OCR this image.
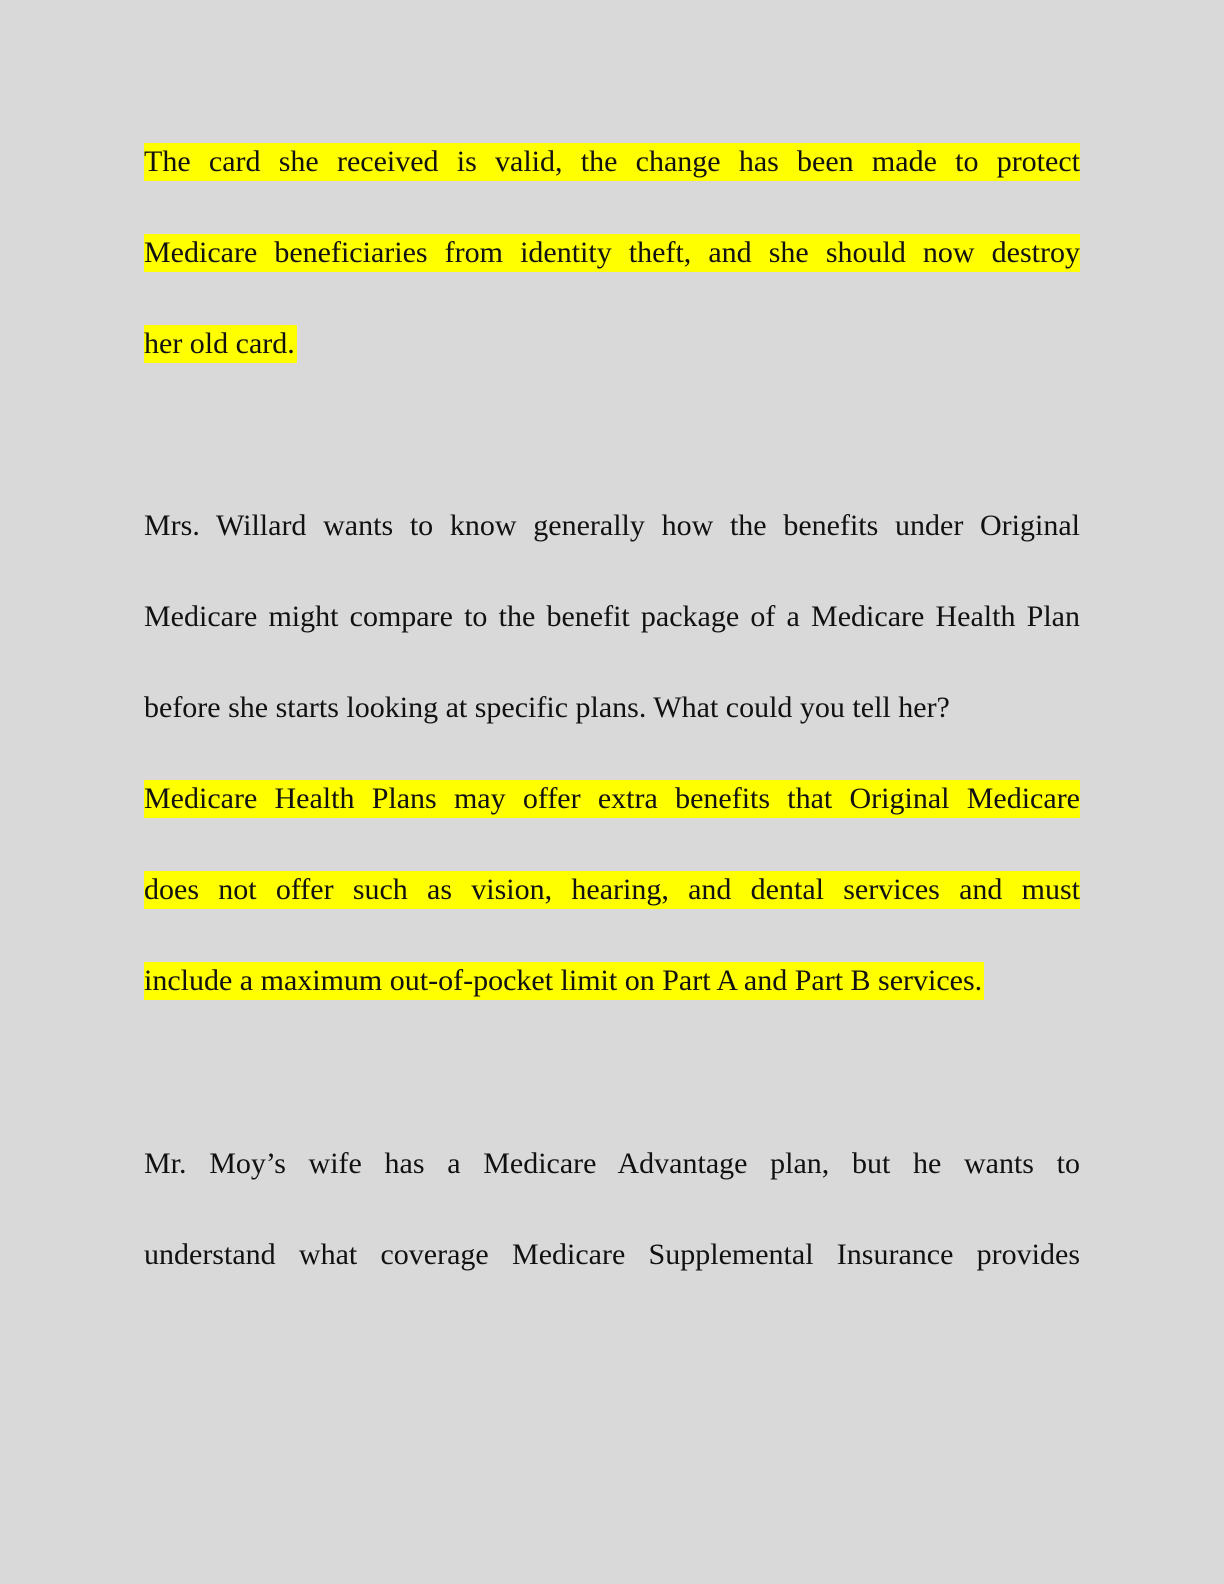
The card she received is valid, the change has been made to protect
Medicare beneficiaries from identity theft, and she should now destroy
her old card.
Mrs. Willard wants to know generally how the benefits under Original
Medicare might compare to the benefit package of a Medicare Health Plan
before she starts looking at specific plans. What could you tell her?
Medicare Health Plans may offer extra benefits that Original Medicare
does not offer such as vision, hearing, and dental services and must
include a maximum out-of-pocket limit on Part A and Part B services.
Mr. Moy’s wife has a Medicare Advantage plan, but he wants to
understand what coverage Medicare Supplemental Insurance provides
